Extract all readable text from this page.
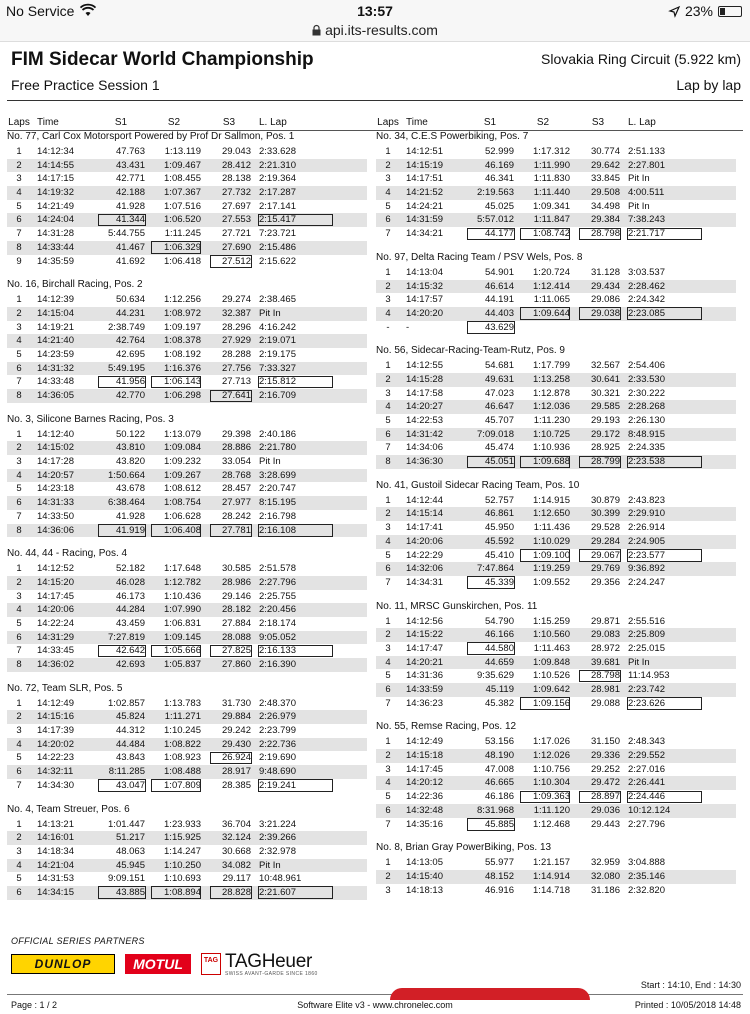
No Service	13:57	23%
api.its-results.com
FIM Sidecar World Championship	Slovakia Ring Circuit (5.922 km)
Free Practice Session 1	Lap by lap
Laps Time	S1	S2	S3	L. Lap	Laps Time	S1	S2	S3	L. Lap
No. 77, Carl Cox Motorsport Powered by Prof Dr Sallmon, Pos. 1
1	14:12:34	47.763	1:13.119	29.043 2:33.628
2	14:14:55	43.431	1:09.467	28.412 2:21.310
3	14:17:15	42.771	1:08.455	28.138 2:19.364
4	14:19:32	42.188	1:07.367	27.732 2:17.287
5	14:21:49	41.928	1:07.516	27.697 2:17.141
6	14:24:04	41.344	1:06.520	27.553 2:15.417
7	14:31:28	5:44.755	1:11.245	27.721 7:23.721
8	14:33:44	41.467	1:06.329	27.690 2:15.486
9	14:35:59	41.692	1:06.418	27.512 2:15.622
No. 16, Birchall Racing, Pos. 2
1	14:12:39	50.634	1:12.256	29.274 2:38.465
2	14:15:04	44.231	1:08.972	32.387 Pit In
3	14:19:21	2:38.749	1:09.197	28.296 4:16.242
4	14:21:40	42.764	1:08.378	27.929 2:19.071
5	14:23:59	42.695	1:08.192	28.288 2:19.175
6	14:31:32	5:49.195	1:16.376	27.756 7:33.327
7	14:33:48	41.956	1:06.143	27.713 2:15.812
8	14:36:05	42.770	1:06.298	27.641 2:16.709
No. 3, Silicone Barnes Racing, Pos. 3
1	14:12:40	50.122	1:13.079	29.398 2:40.186
2	14:15:02	43.810	1:09.084	28.886 2:21.780
3	14:17:28	43.820	1:09.232	33.054 Pit In
4	14:20:57	1:50.664	1:09.267	28.768 3:28.699
5	14:23:18	43.678	1:08.612	28.457 2:20.747
6	14:31:33	6:38.464	1:08.754	27.977 8:15.195
7	14:33:50	41.928	1:06.628	28.242 2:16.798
8	14:36:06	41.919	1:06.408	27.781 2:16.108
No. 44, 44 - Racing, Pos. 4
1	14:12:52	52.182	1:17.648	30.585 2:51.578
2	14:15:20	46.028	1:12.782	28.986 2:27.796
3	14:17:45	46.173	1:10.436	29.146 2:25.755
4	14:20:06	44.284	1:07.990	28.182 2:20.456
5	14:22:24	43.459	1:06.831	27.884 2:18.174
6	14:31:29	7:27.819	1:09.145	28.088 9:05.052
7	14:33:45	42.642	1:05.666	27.825 2:16.133
8	14:36:02	42.693	1:05.837	27.860 2:16.390
No. 72, Team SLR, Pos. 5
1	14:12:49	1:02.857	1:13.783	31.730 2:48.370
2	14:15:16	45.824	1:11.271	29.884 2:26.979
3	14:17:39	44.312	1:10.245	29.242 2:23.799
4	14:20:02	44.484	1:08.822	29.430 2:22.736
5	14:22:23	43.843	1:08.923	26.924 2:19.690
6	14:32:11	8:11.285	1:08.488	28.917 9:48.690
7	14:34:30	43.047	1:07.809	28.385 2:19.241
No. 4, Team Streuer, Pos. 6
1	14:13:21	1:01.447	1:23.933	36.704 3:21.224
2	14:16:01	51.217	1:15.925	32.124 2:39.266
3	14:18:34	48.063	1:14.247	30.668 2:32.978
4	14:21:04	45.945	1:10.250	34.082 Pit In
5	14:31:53	9:09.151	1:10.693	29.117 10:48.961
6	14:34:15	43.885	1:08.894	28.828 2:21.607
No. 34, C.E.S Powerbiking, Pos. 7
1	14:12:51	52.999	1:17.312	30.774 2:51.133
2	14:15:19	46.169	1:11.990	29.642 2:27.801
3	14:17:51	46.341	1:11.830	33.845 Pit In
4	14:21:52	2:19.563	1:11.440	29.508 4:00.511
5	14:24:21	45.025	1:09.341	34.498 Pit In
6	14:31:59	5:57.012	1:11.847	29.384 7:38.243
7	14:34:21	44.177	1:08.742	28.798 2:21.717
No. 97, Delta Racing Team / PSV Wels, Pos. 8
1	14:13:04	54.901	1:20.724	31.128 3:03.537
2	14:15:32	46.614	1:12.414	29.434 2:28.462
3	14:17:57	44.191	1:11.065	29.086 2:24.342
4	14:20:20	44.403	1:09.644	29.038 2:23.085
-	-	43.629
No. 56, Sidecar-Racing-Team-Rutz, Pos. 9
1	14:12:55	54.681	1:17.799	32.567 2:54.406
2	14:15:28	49.631	1:13.258	30.641 2:33.530
3	14:17:58	47.023	1:12.878	30.321 2:30.222
4	14:20:27	46.647	1:12.036	29.585 2:28.268
5	14:22:53	45.707	1:11.230	29.193 2:26.130
6	14:31:42	7:09.018	1:10.725	29.172 8:48.915
7	14:34:06	45.474	1:10.936	28.925 2:24.335
8	14:36:30	45.051	1:09.688	28.799 2:23.538
No. 41, Gustoil Sidecar Racing Team, Pos. 10
1	14:12:44	52.757	1:14.915	30.879 2:43.823
2	14:15:14	46.861	1:12.650	30.399 2:29.910
3	14:17:41	45.950	1:11.436	29.528 2:26.914
4	14:20:06	45.592	1:10.029	29.284 2:24.905
5	14:22:29	45.410	1:09.100	29.067 2:23.577
6	14:32:06	7:47.864	1:19.259	29.769 9:36.892
7	14:34:31	45.339	1:09.552	29.356 2:24.247
No. 11, MRSC Gunskirchen, Pos. 11
1	14:12:56	54.790	1:15.259	29.871 2:55.516
2	14:15:22	46.166	1:10.560	29.083 2:25.809
3	14:17:47	44.580	1:11.463	28.972 2:25.015
4	14:20:21	44.659	1:09.848	39.681 Pit In
5	14:31:36	9:35.629	1:10.526	28.798 11:14.953
6	14:33:59	45.119	1:09.642	28.981 2:23.742
7	14:36:23	45.382	1:09.156	29.088 2:23.626
No. 55, Remse Racing, Pos. 12
1	14:12:49	53.156	1:17.026	31.150 2:48.343
2	14:15:18	48.190	1:12.026	29.336 2:29.552
3	14:17:45	47.008	1:10.756	29.252 2:27.016
4	14:20:12	46.665	1:10.304	29.472 2:26.441
5	14:22:36	46.186	1:09.363	28.897 2:24.446
6	14:32:48	8:31.968	1:11.120	29.036 10:12.124
7	14:35:16	45.885	1:12.468	29.443 2:27.796
No. 8, Brian Gray PowerBiking, Pos. 13
1	14:13:05	55.977	1:21.157	32.959 3:04.888
2	14:15:40	48.152	1:14.914	32.080 2:35.146
3	14:18:13	46.916	1:14.718	31.186 2:32.820
OFFICIAL SERIES PARTNERS
DUNLOP	MOTUL	TAG TAGHeuer
SWISS AVANT-GARDE SINCE 1860
Start : 14:10, End : 14:30
Page : 1 / 2	Software Elite v3 - www.chronelec.com	Printed : 10/05/2018 14:48
